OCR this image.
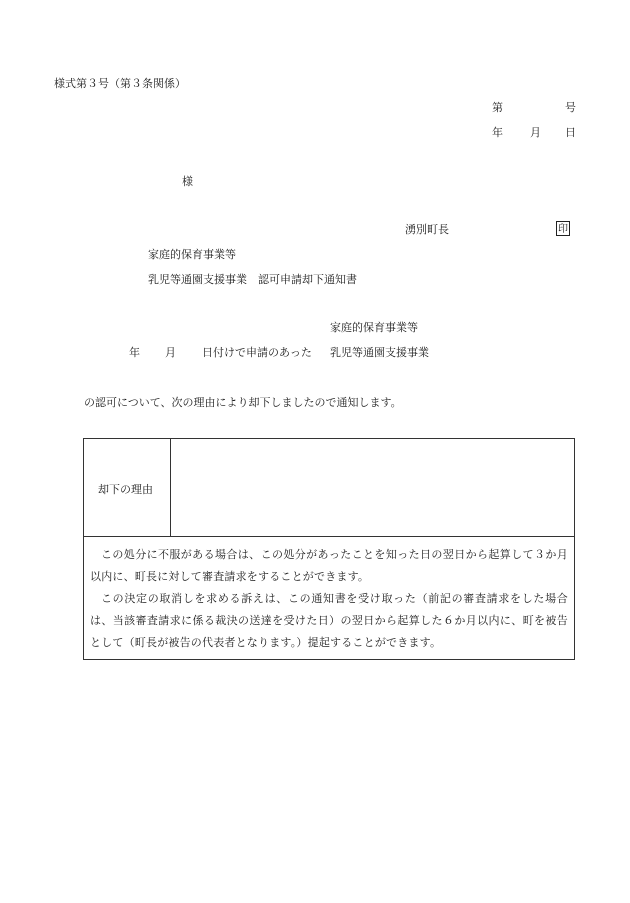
様式第３号（第３条関係）
第	号
年 月 日
様
湧別町長	印
家庭的保育事業等
乳児等通園支援事業　認可申請却下通知書
家庭的保育事業等
年 月 日付けで申請のあった 乳児等通園支援事業
の認可について、次の理由により却下しましたので通知します。
却下の理由

この処分に不服がある場合は、この処分があったことを知った日の翌日から起算して３か月以内に、町長に対して審査請求をすることができます。

この決定の取消しを求める訴えは、この通知書を受け取った（前記の審査請求をした場合は、当該審査請求に係る裁決の送達を受けた日）の翌日から起算した６か月以内に、町を被告として（町長が被告の代表者となります。）提起することができます。
